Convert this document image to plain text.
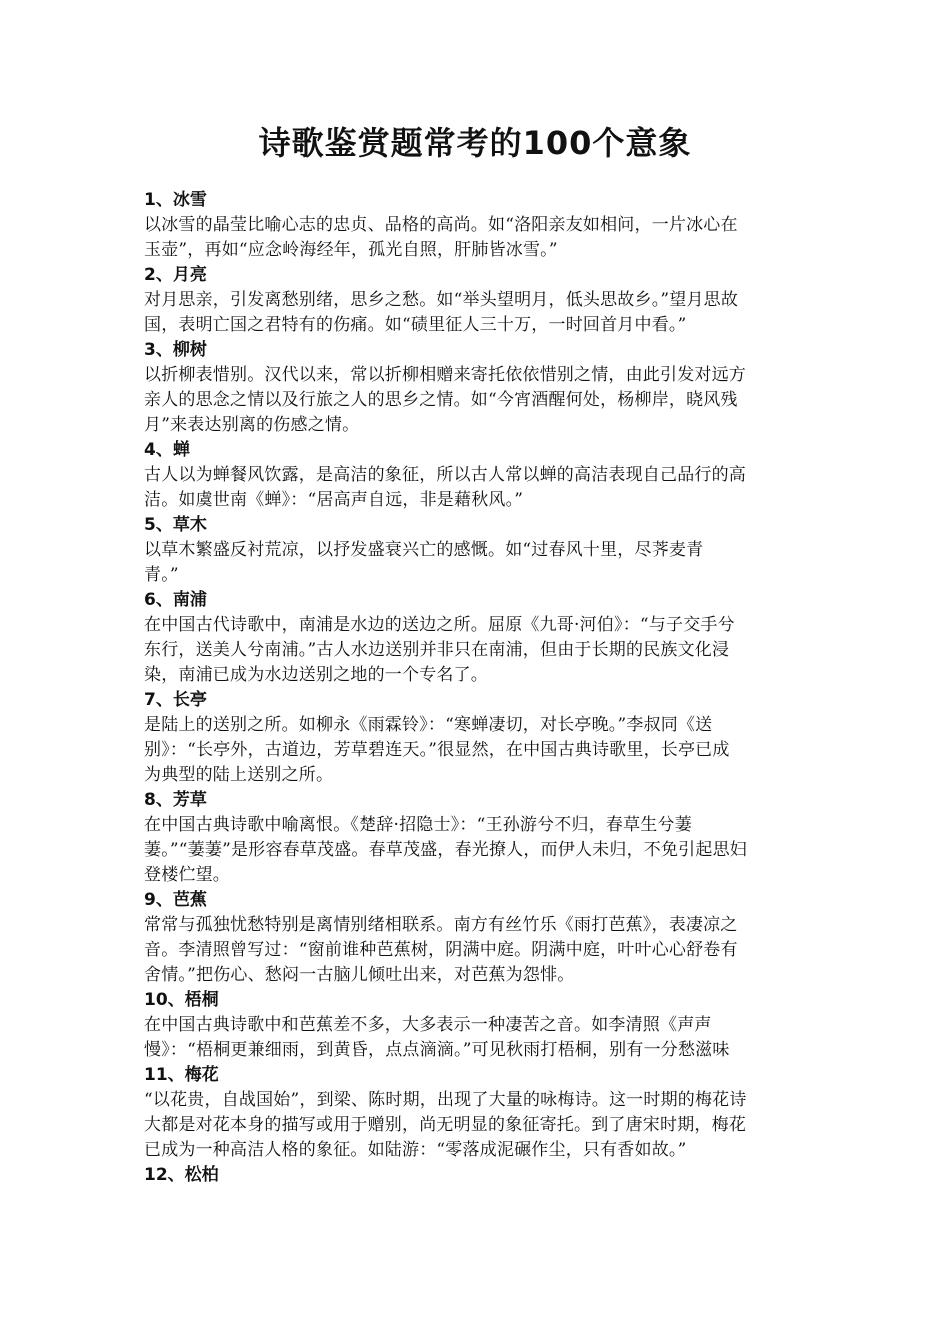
诗歌鉴赏题常考的100个意象
1、冰雪
以冰雪的晶莹比喻心志的忠贞、品格的高尚。如“洛阳亲友如相问，一片冰心在
玉壶”，再如“应念岭海经年，孤光自照，肝肺皆冰雪。”
2、月亮
对月思亲，引发离愁别绪，思乡之愁。如“举头望明月，低头思故乡。”望月思故
国，表明亡国之君特有的伤痛。如“碛里征人三十万，一时回首月中看。”
3、柳树
以折柳表惜别。汉代以来，常以折柳相赠来寄托依依惜别之情，由此引发对远方
亲人的思念之情以及行旅之人的思乡之情。如“今宵酒醒何处，杨柳岸，晓风残
月”来表达别离的伤感之情。
4、蝉
古人以为蝉餐风饮露，是高洁的象征，所以古人常以蝉的高洁表现自己品行的高
洁。如虞世南《蝉》：“居高声自远，非是藉秋风。”
5、草木
以草木繁盛反衬荒凉，以抒发盛衰兴亡的感慨。如“过春风十里，尽荠麦青
青。”
6、南浦
在中国古代诗歌中，南浦是水边的送边之所。屈原《九哥·河伯》：“与子交手兮
东行，送美人兮南浦。”古人水边送别并非只在南浦，但由于长期的民族文化浸
染，南浦已成为水边送别之地的一个专名了。
7、长亭
是陆上的送别之所。如柳永《雨霖铃》：“寒蝉凄切，对长亭晚。”李叔同《送
别》：“长亭外，古道边，芳草碧连天。”很显然，在中国古典诗歌里，长亭已成
为典型的陆上送别之所。
8、芳草
在中国古典诗歌中喻离恨。《楚辞·招隐士》：“王孙游兮不归，春草生兮萋
萋。”“萋萋”是形容春草茂盛。春草茂盛，春光撩人，而伊人未归，不免引起思妇
登楼伫望。
9、芭蕉
常常与孤独忧愁特别是离情别绪相联系。南方有丝竹乐《雨打芭蕉》，表凄凉之
音。李清照曾写过：“窗前谁种芭蕉树，阴满中庭。阴满中庭，叶叶心心舒卷有
舍情。”把伤心、愁闷一古脑儿倾吐出来，对芭蕉为怨悱。
10、梧桐
在中国古典诗歌中和芭蕉差不多，大多表示一种凄苦之音。如李清照《声声
慢》：“梧桐更兼细雨，到黄昏，点点滴滴。”可见秋雨打梧桐，别有一分愁滋味
11、梅花
“以花贵，自战国始”，到梁、陈时期，出现了大量的咏梅诗。这一时期的梅花诗
大都是对花本身的描写或用于赠别，尚无明显的象征寄托。到了唐宋时期，梅花
已成为一种高洁人格的象征。如陆游：“零落成泥碾作尘，只有香如故。”
12、松柏
